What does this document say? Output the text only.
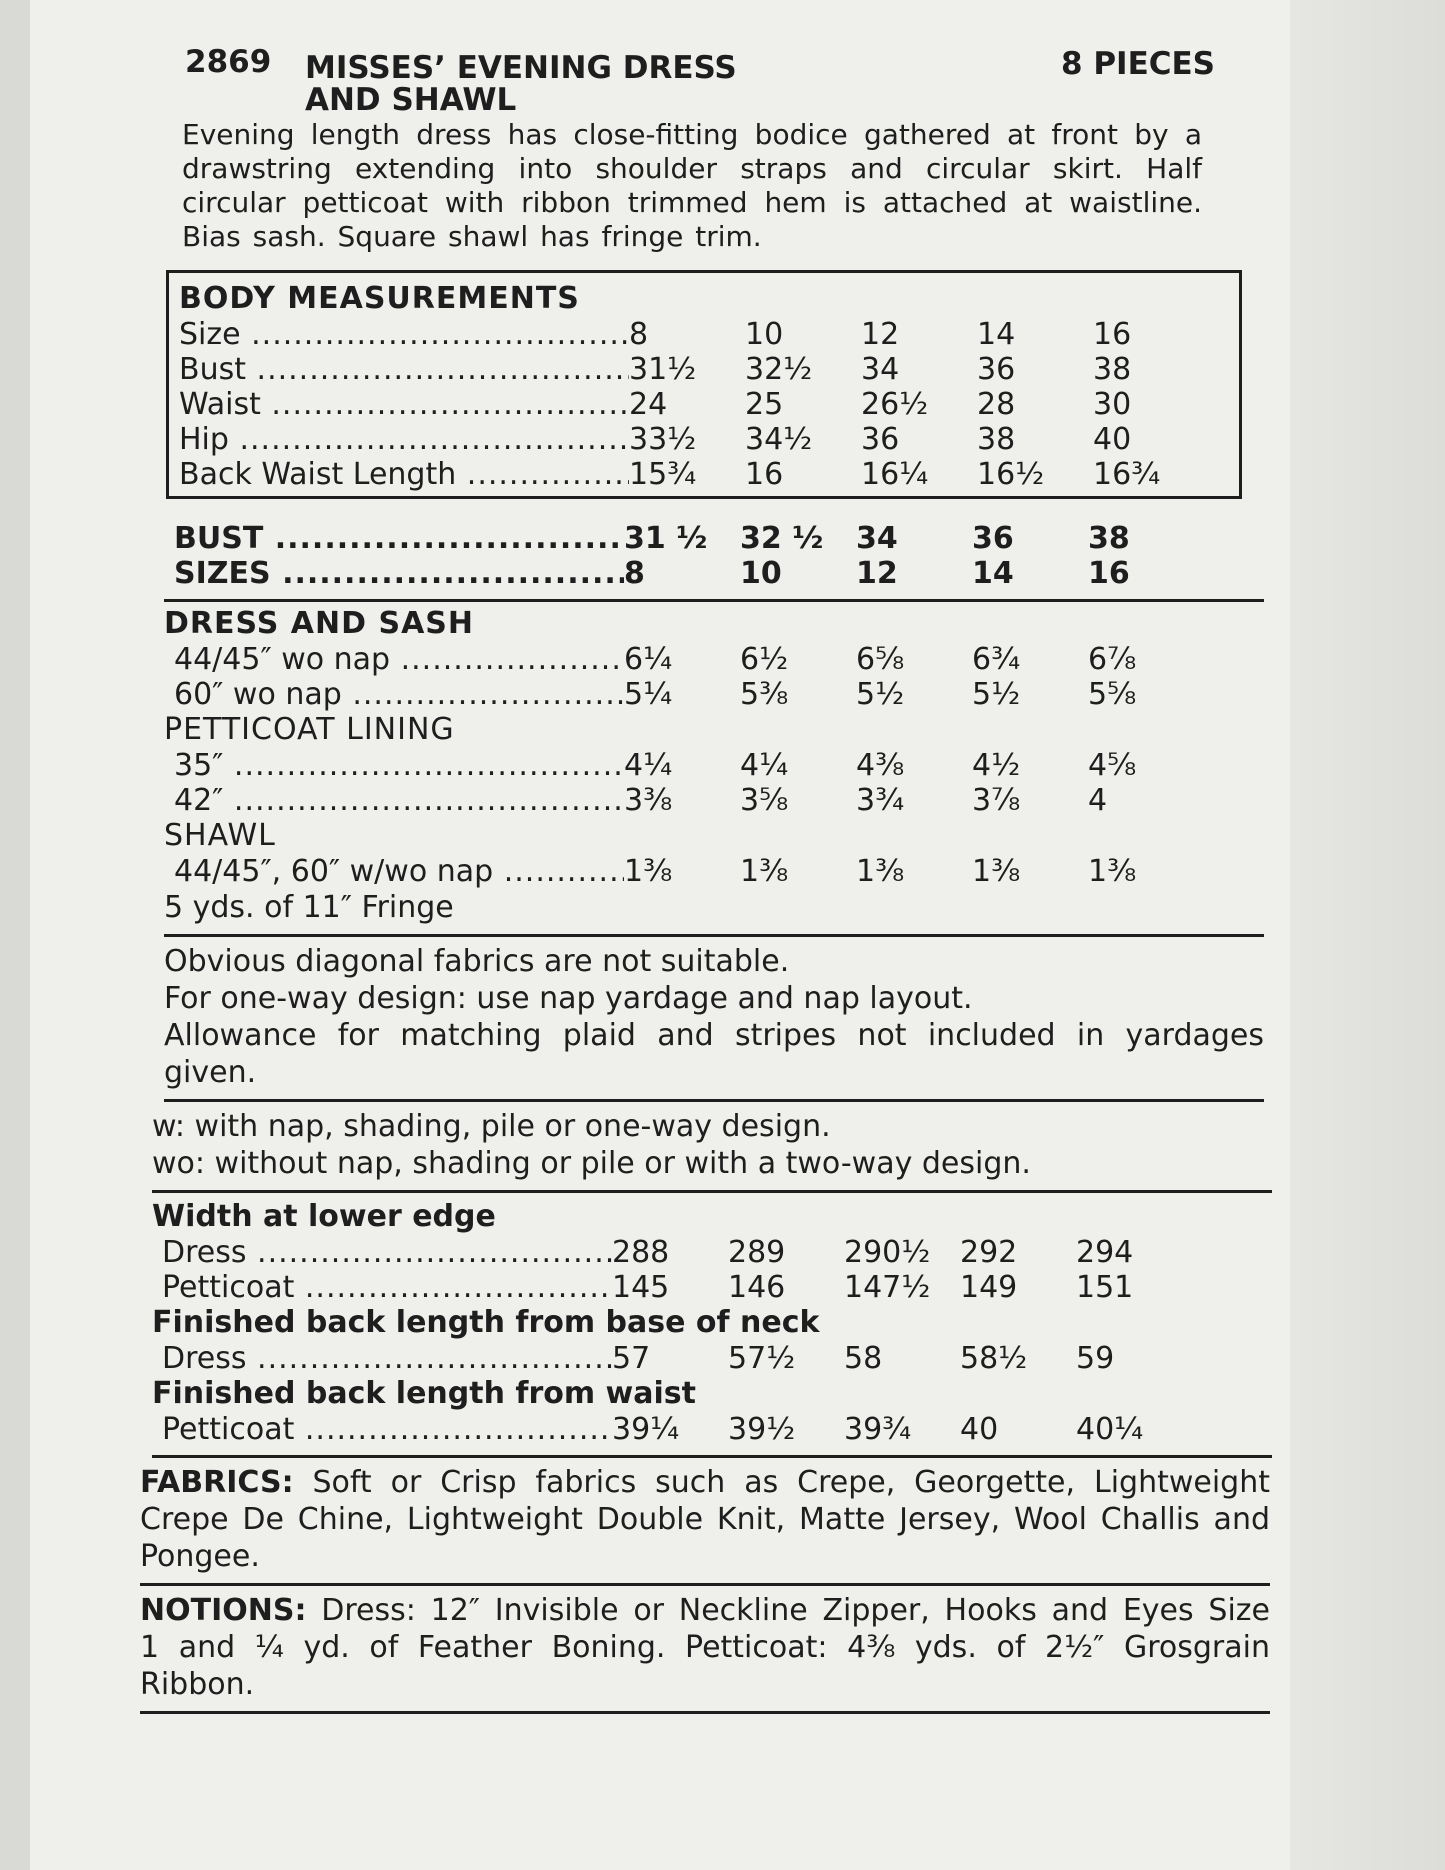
2869 MISSES’ EVENING DRESS
AND SHAWL
8 PIECES
Evening length dress has close-fitting bodice gathered at front by a drawstring extending into shoulder straps and circular skirt. Half circular petticoat with ribbon trimmed hem is attached at waistline. Bias sash. Square shawl has fringe trim.
BODY MEASUREMENTS
Size .....	8	10	12	14	16
Bust .....	31½	32½	34	36	38
Waist .....	24	25	26½	28	30
Hip .....	33½	34½	36	38	40
Back Waist Length .....	15¾	16	16¼	16½	16¾
BUST .....	31 ½	32 ½	34	36	38
SIZES .....	8	10	12	14	16
DRESS AND SASH
44/45″ wo nap .....	6¼	6½	6⅝	6¾	6⅞
60″ wo nap .....	5¼	5⅜	5½	5½	5⅝
PETTICOAT LINING
35″ .....	4¼	4¼	4⅜	4½	4⅝
42″ .....	3⅜	3⅝	3¾	3⅞	4
SHAWL
44/45″, 60″ w/wo nap .....	1⅜	1⅜	1⅜	1⅜	1⅜
5 yds. of 11″ Fringe
Obvious diagonal fabrics are not suitable.
For one-way design: use nap yardage and nap layout.
Allowance for matching plaid and stripes not included in yardages given.
w: with nap, shading, pile or one-way design.
wo: without nap, shading or pile or with a two-way design.
Width at lower edge
Dress .....	288	289	290½ 292	294
Petticoat .....	145	146	147½ 149	151
Finished back length from base of neck
Dress .....	57	57½	58	58½	59
Finished back length from waist
Petticoat .....	39¼	39½	39¾	40	40¼
FABRICS: Soft or Crisp fabrics such as Crepe, Georgette, Lightweight Crepe De Chine, Lightweight Double Knit, Matte Jersey, Wool Challis and Pongee.
NOTIONS: Dress: 12″ Invisible or Neckline Zipper, Hooks and Eyes Size 1 and ¼ yd. of Feather Boning. Petticoat: 4⅜ yds. of 2½″ Grosgrain Ribbon.
